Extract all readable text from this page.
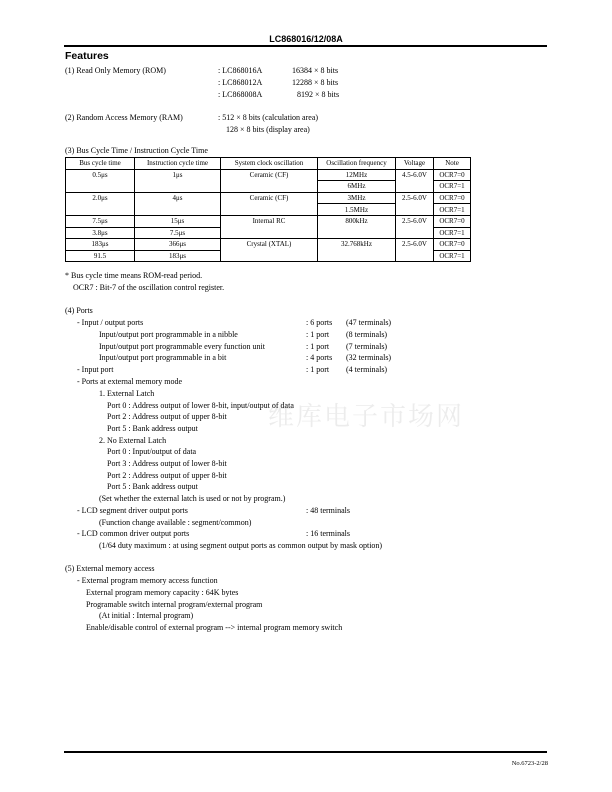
LC868016/12/08A
Features
(1) Read Only Memory (ROM)	: LC868016A	16384 × 8 bits
: LC868012A	12288 × 8 bits
: LC868008A	8192 × 8 bits
(2) Random Access Memory (RAM)	: 512 × 8 bits (calculation area)
128 × 8 bits (display area)
(3) Bus Cycle Time / Instruction Cycle Time
Bus cycle time	Instruction cycle time	System clock oscillation	Oscillation frequency	Voltage	Note
0.5μs	1μs	Ceramic (CF)	12MHz	4.5-6.0V	OCR7=0
			6MHz		OCR7=1
2.0μs	4μs	Ceramic (CF)	3MHz	2.5-6.0V	OCR7=0
			1.5MHz		OCR7=1
7.5μs	15μs	Internal RC	800kHz	2.5-6.0V	OCR7=0
3.8μs	7.5μs				OCR7=1
183μs	366μs	Crystal (XTAL)	32.768kHz	2.5-6.0V	OCR7=0
91.5	183μs				OCR7=1
* Bus cycle time means ROM-read period.
OCR7 : Bit-7 of the oscillation control register.
(4) Ports
- Input / output ports	: 6 ports (47 terminals)
Input/output port programmable in a nibble	: 1 port (8 terminals)
Input/output port programmable every function unit	: 1 port (7 terminals)
Input/output port programmable in a bit	: 4 ports (32 terminals)
- Input port	: 1 port (4 terminals)
- Ports at external memory mode
1. External Latch
Port 0 : Address output of lower 8-bit, input/output of data
Port 2 : Address output of upper 8-bit
Port 5 : Bank address output
2. No External Latch
Port 0 : Input/output of data
Port 3 : Address output of lower 8-bit
Port 2 : Address output of upper 8-bit
Port 5 : Bank address output
(Set whether the external latch is used or not by program.)
- LCD segment driver output ports	: 48 terminals
(Function change available : segment/common)
- LCD common driver output ports	: 16 terminals
(1/64 duty maximum : at using segment output ports as common output by mask option)
(5) External memory access
- External program memory access function
External program memory capacity : 64K bytes
Programable switch internal program/external program
(At initial : Internal program)
Enable/disable control of external program --> internal program memory switch
维库电子市场网
No.6723-2/28
